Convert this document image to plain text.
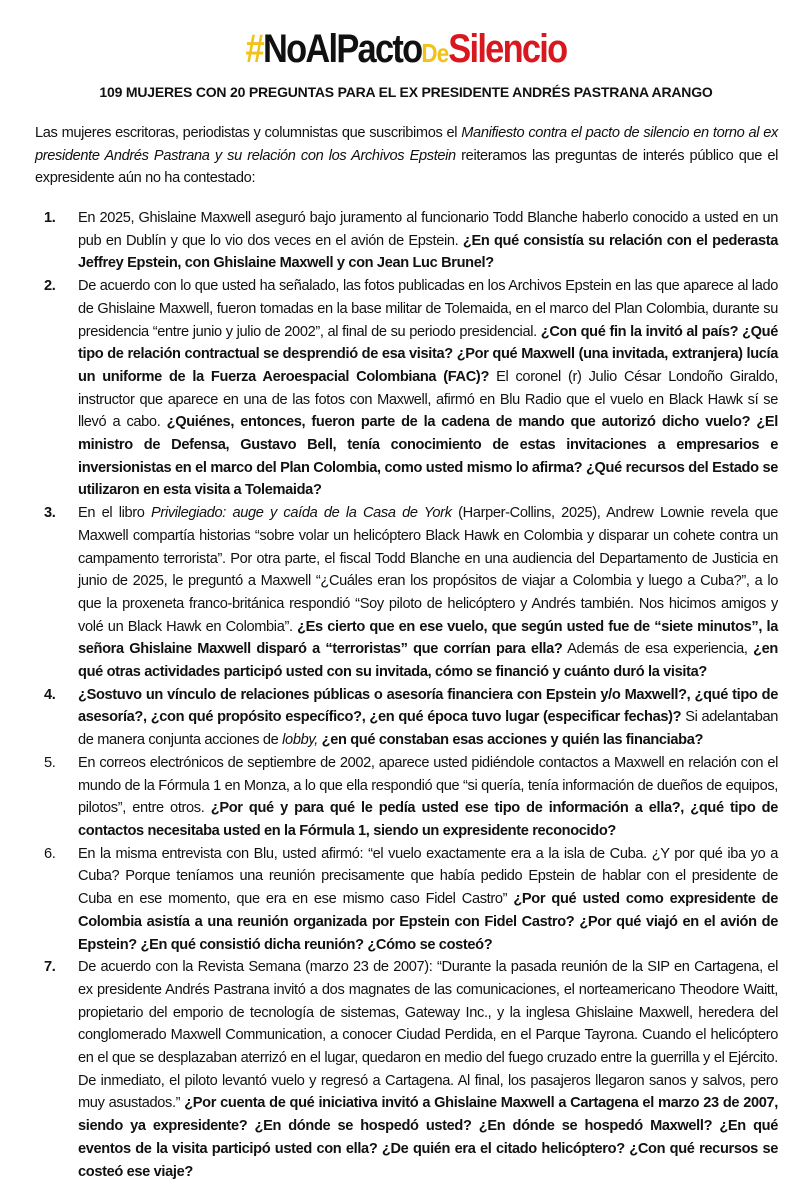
#NoAlPactoDeSilencio
109 MUJERES CON 20 PREGUNTAS PARA EL EX PRESIDENTE ANDRÉS PASTRANA ARANGO

Las mujeres escritoras, periodistas y columnistas que suscribimos el Manifiesto contra el pacto de silencio en torno al ex presidente Andrés Pastrana y su relación con los Archivos Epstein reiteramos las preguntas de interés público que el expresidente aún no ha contestado:

1. En 2025, Ghislaine Maxwell aseguró bajo juramento al funcionario Todd Blanche haberlo conocido a usted en un pub en Dublín y que lo vio dos veces en el avión de Epstein. ¿En qué consistía su relación con el pederasta Jeffrey Epstein, con Ghislaine Maxwell y con Jean Luc Brunel?
2. De acuerdo con lo que usted ha señalado, las fotos publicadas en los Archivos Epstein en las que aparece al lado de Ghislaine Maxwell, fueron tomadas en la base militar de Tolemaida, en el marco del Plan Colombia, durante su presidencia “entre junio y julio de 2002”, al final de su periodo presidencial. ¿Con qué fin la invitó al país? ¿Qué tipo de relación contractual se desprendió de esa visita? ¿Por qué Maxwell (una invitada, extranjera) lucía un uniforme de la Fuerza Aeroespacial Colombiana (FAC)? El coronel (r) Julio César Londoño Giraldo, instructor que aparece en una de las fotos con Maxwell, afirmó en Blu Radio que el vuelo en Black Hawk sí se llevó a cabo. ¿Quiénes, entonces, fueron parte de la cadena de mando que autorizó dicho vuelo? ¿El ministro de Defensa, Gustavo Bell, tenía conocimiento de estas invitaciones a empresarios e inversionistas en el marco del Plan Colombia, como usted mismo lo afirma? ¿Qué recursos del Estado se utilizaron en esta visita a Tolemaida?
3. En el libro Privilegiado: auge y caída de la Casa de York (Harper-Collins, 2025), Andrew Lownie revela que Maxwell compartía historias “sobre volar un helicóptero Black Hawk en Colombia y disparar un cohete contra un campamento terrorista”. Por otra parte, el fiscal Todd Blanche en una audiencia del Departamento de Justicia en junio de 2025, le preguntó a Maxwell “¿Cuáles eran los propósitos de viajar a Colombia y luego a Cuba?”, a lo que la proxeneta franco-británica respondió “Soy piloto de helicóptero y Andrés también. Nos hicimos amigos y volé un Black Hawk en Colombia”. ¿Es cierto que en ese vuelo, que según usted fue de “siete minutos”, la señora Ghislaine Maxwell disparó a “terroristas” que corrían para ella? Además de esa experiencia, ¿en qué otras actividades participó usted con su invitada, cómo se financió y cuánto duró la visita?
4. ¿Sostuvo un vínculo de relaciones públicas o asesoría financiera con Epstein y/o Maxwell?, ¿qué tipo de asesoría?, ¿con qué propósito específico?, ¿en qué época tuvo lugar (especificar fechas)? Si adelantaban de manera conjunta acciones de lobby, ¿en qué constaban esas acciones y quién las financiaba?
5. En correos electrónicos de septiembre de 2002, aparece usted pidiéndole contactos a Maxwell en relación con el mundo de la Fórmula 1 en Monza, a lo que ella respondió que “si quería, tenía información de dueños de equipos, pilotos”, entre otros. ¿Por qué y para qué le pedía usted ese tipo de información a ella?, ¿qué tipo de contactos necesitaba usted en la Fórmula 1, siendo un expresidente reconocido?
6. En la misma entrevista con Blu, usted afirmó: “el vuelo exactamente era a la isla de Cuba. ¿Y por qué iba yo a Cuba? Porque teníamos una reunión precisamente que había pedido Epstein de hablar con el presidente de Cuba en ese momento, que era en ese mismo caso Fidel Castro” ¿Por qué usted como expresidente de Colombia asistía a una reunión organizada por Epstein con Fidel Castro? ¿Por qué viajó en el avión de Epstein? ¿En qué consistió dicha reunión? ¿Cómo se costeó?
7. De acuerdo con la Revista Semana (marzo 23 de 2007): “Durante la pasada reunión de la SIP en Cartagena, el ex presidente Andrés Pastrana invitó a dos magnates de las comunicaciones, el norteamericano Theodore Waitt, propietario del emporio de tecnología de sistemas, Gateway Inc., y la inglesa Ghislaine Maxwell, heredera del conglomerado Maxwell Communication, a conocer Ciudad Perdida, en el Parque Tayrona. Cuando el helicóptero en el que se desplazaban aterrizó en el lugar, quedaron en medio del fuego cruzado entre la guerrilla y el Ejército. De inmediato, el piloto levantó vuelo y regresó a Cartagena. Al final, los pasajeros llegaron sanos y salvos, pero muy asustados.” ¿Por cuenta de qué iniciativa invitó a Ghislaine Maxwell a Cartagena el marzo 23 de 2007, siendo ya expresidente? ¿En dónde se hospedó usted? ¿En dónde se hospedó Maxwell? ¿En qué eventos de la visita participó usted con ella? ¿De quién era el citado helicóptero? ¿Con qué recursos se costeó ese viaje?
